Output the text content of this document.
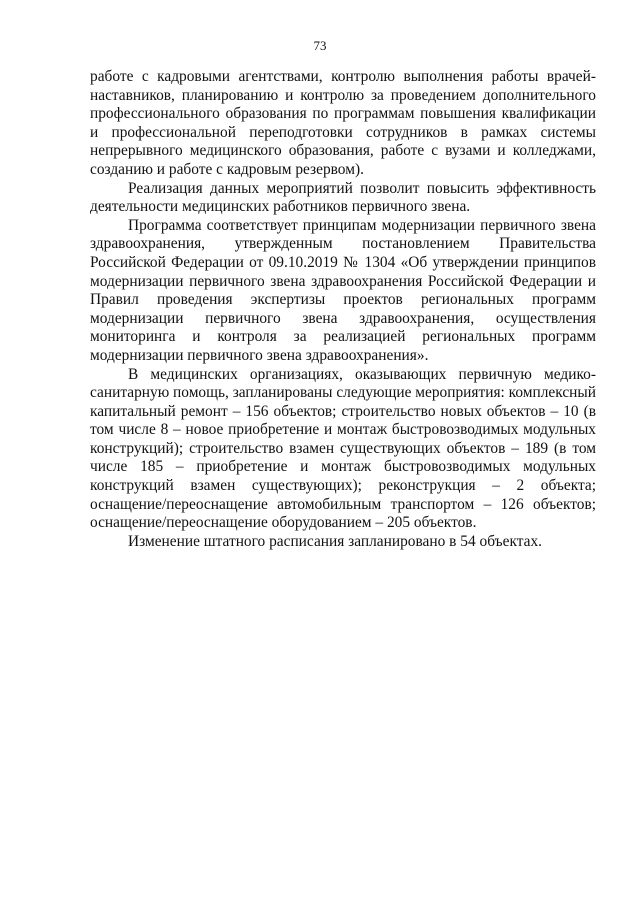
73

работе с кадровыми агентствами, контролю выполнения работы врачей-наставников, планированию и контролю за проведением дополнительного профессионального образования по программам повышения квалификации и профессиональной переподготовки сотрудников в рамках системы непрерывного медицинского образования, работе с вузами и колледжами, созданию и работе с кадровым резервом).

Реализация данных мероприятий позволит повысить эффективность деятельности медицинских работников первичного звена.

Программа соответствует принципам модернизации первичного звена здравоохранения, утвержденным постановлением Правительства Российской Федерации от 09.10.2019 № 1304 «Об утверждении принципов модернизации первичного звена здравоохранения Российской Федерации и Правил проведения экспертизы проектов региональных программ модернизации первичного звена здравоохранения, осуществления мониторинга и контроля за реализацией региональных программ модернизации первичного звена здравоохранения».

В медицинских организациях, оказывающих первичную медико-санитарную помощь, запланированы следующие мероприятия: комплексный капитальный ремонт – 156 объектов; строительство новых объектов – 10 (в том числе 8 – новое приобретение и монтаж быстровозводимых модульных конструкций); строительство взамен существующих объектов – 189 (в том числе 185 – приобретение и монтаж быстровозводимых модульных конструкций взамен существующих); реконструкция – 2 объекта; оснащение/переоснащение автомобильным транспортом – 126 объектов; оснащение/переоснащение оборудованием – 205 объектов.

Изменение штатного расписания запланировано в 54 объектах.
